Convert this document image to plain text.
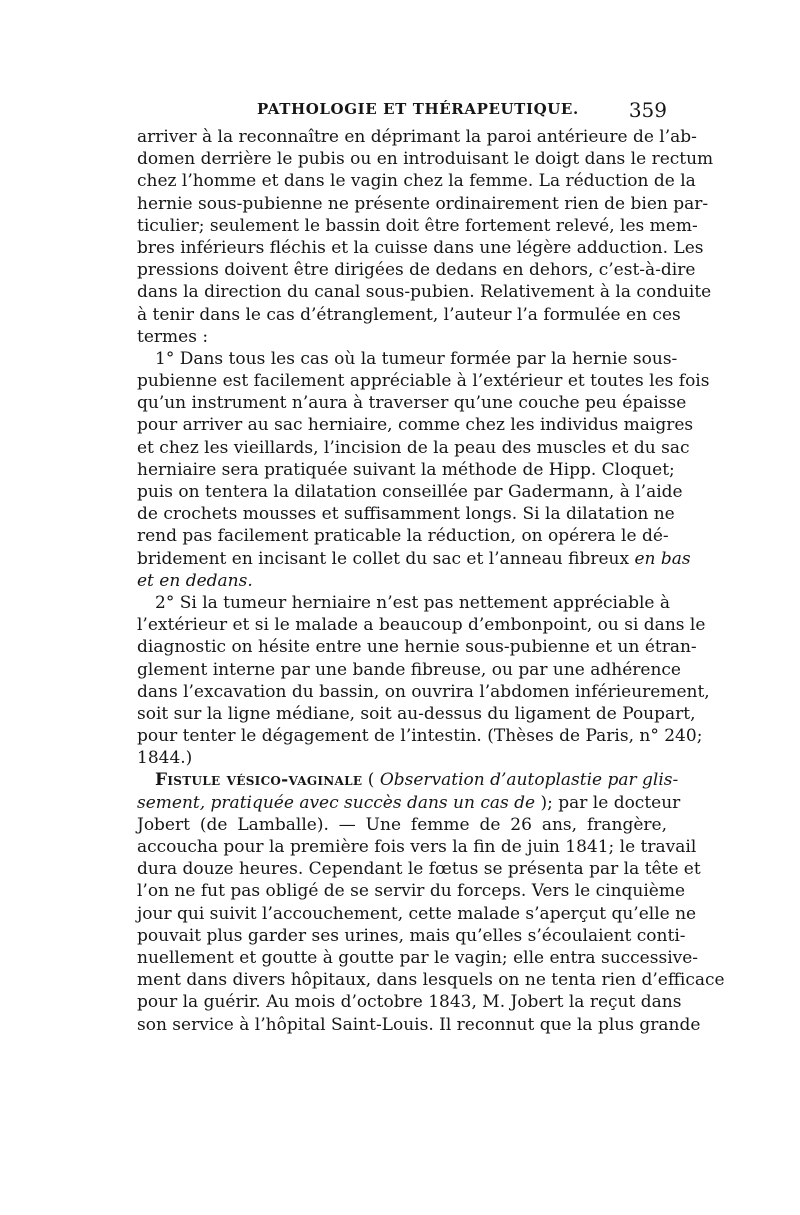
PATHOLOGIE ET THÉRAPEUTIQUE.	359
arriver à la reconnaître en déprimant la paroi antérieure de l’ab-
domen derrière le pubis ou en introduisant le doigt dans le rectum
chez l’homme et dans le vagin chez la femme. La réduction de la
hernie sous-pubienne ne présente ordinairement rien de bien par-
ticulier; seulement le bassin doit être fortement relevé, les mem-
bres inférieurs fléchis et la cuisse dans une légère adduction. Les
pressions doivent être dirigées de dedans en dehors, c’est-à-dire
dans la direction du canal sous-pubien. Relativement à la conduite
à tenir dans le cas d’étranglement, l’auteur l’a formulée en ces
termes :
1° Dans tous les cas où la tumeur formée par la hernie sous-
pubienne est facilement appréciable à l’extérieur et toutes les fois
qu’un instrument n’aura à traverser qu’une couche peu épaisse
pour arriver au sac herniaire, comme chez les individus maigres
et chez les vieillards, l’incision de la peau des muscles et du sac
herniaire sera pratiquée suivant la méthode de Hipp. Cloquet;
puis on tentera la dilatation conseillée par Gadermann, à l’aide
de crochets mousses et suffisamment longs. Si la dilatation ne
rend pas facilement praticable la réduction, on opérera le dé-
bridement en incisant le collet du sac et l’anneau fibreux en bas
et en dedans.
2° Si la tumeur herniaire n’est pas nettement appréciable à
l’extérieur et si le malade a beaucoup d’embonpoint, ou si dans le
diagnostic on hésite entre une hernie sous-pubienne et un étran-
glement interne par une bande fibreuse, ou par une adhérence
dans l’excavation du bassin, on ouvrira l’abdomen inférieurement,
soit sur la ligne médiane, soit au-dessus du ligament de Poupart,
pour tenter le dégagement de l’intestin. (Thèses de Paris, n° 240;
1844.)
Fistule vésico-vaginale ( Observation d’autoplastie par glis-
sement, pratiquée avec succès dans un cas de ); par le docteur
Jobert (de Lamballe). — Une femme de 26 ans, frangère,
accoucha pour la première fois vers la fin de juin 1841; le travail
dura douze heures. Cependant le fœtus se présenta par la tête et
l’on ne fut pas obligé de se servir du forceps. Vers le cinquième
jour qui suivit l’accouchement, cette malade s’aperçut qu’elle ne
pouvait plus garder ses urines, mais qu’elles s’écoulaient conti-
nuellement et goutte à goutte par le vagin; elle entra successive-
ment dans divers hôpitaux, dans lesquels on ne tenta rien d’efficace
pour la guérir. Au mois d’octobre 1843, M. Jobert la reçut dans
son service à l’hôpital Saint-Louis. Il reconnut que la plus grande
